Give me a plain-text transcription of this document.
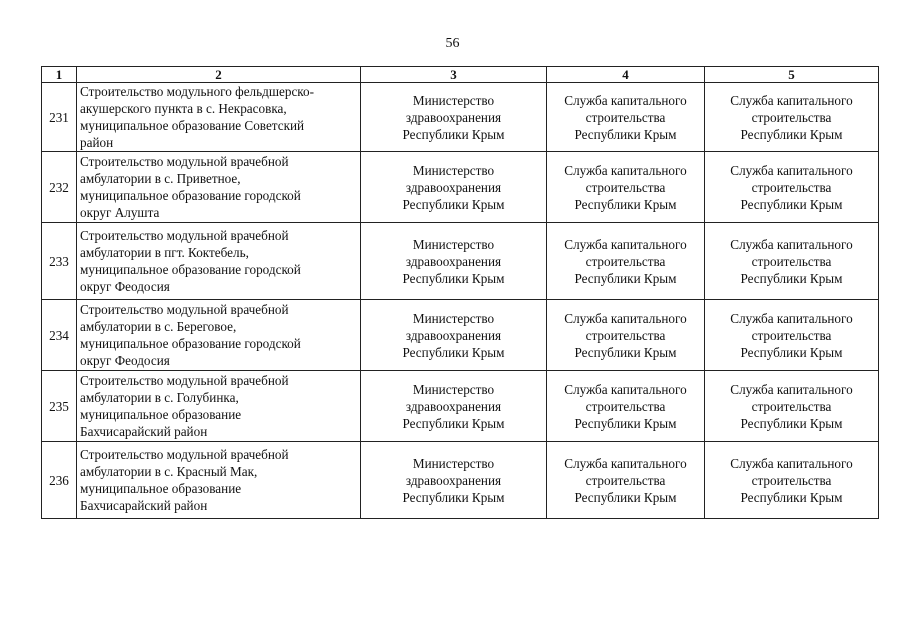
56
1	2	3	4	5
231	Строительство модульного фельдшерско-
акушерского пункта в с. Некрасовка,
муниципальное образование Советский
район	Министерство
здравоохранения
Республики Крым	Служба капитального
строительства
Республики Крым	Служба капитального
строительства
Республики Крым

232	Строительство модульной врачебной
амбулатории в с. Приветное,
муниципальное образование городской
округ Алушта	Министерство
здравоохранения
Республики Крым	Служба капитального
строительства
Республики Крым	Служба капитального
строительства
Республики Крым

233	Строительство модульной врачебной
амбулатории в пгт. Коктебель,
муниципальное образование городской
округ Феодосия	Министерство
здравоохранения
Республики Крым	Служба капитального
строительства
Республики Крым	Служба капитального
строительства
Республики Крым

234	Строительство модульной врачебной
амбулатории в с. Береговое,
муниципальное образование городской
округ Феодосия	Министерство
здравоохранения
Республики Крым	Служба капитального
строительства
Республики Крым	Служба капитального
строительства
Республики Крым

235	Строительство модульной врачебной
амбулатории в с. Голубинка,
муниципальное образование
Бахчисарайский район	Министерство
здравоохранения
Республики Крым	Служба капитального
строительства
Республики Крым	Служба капитального
строительства
Республики Крым

236	Строительство модульной врачебной
амбулатории в с. Красный Мак,
муниципальное образование
Бахчисарайский район	Министерство
здравоохранения
Республики Крым	Служба капитального
строительства
Республики Крым	Служба капитального
строительства
Республики Крым
